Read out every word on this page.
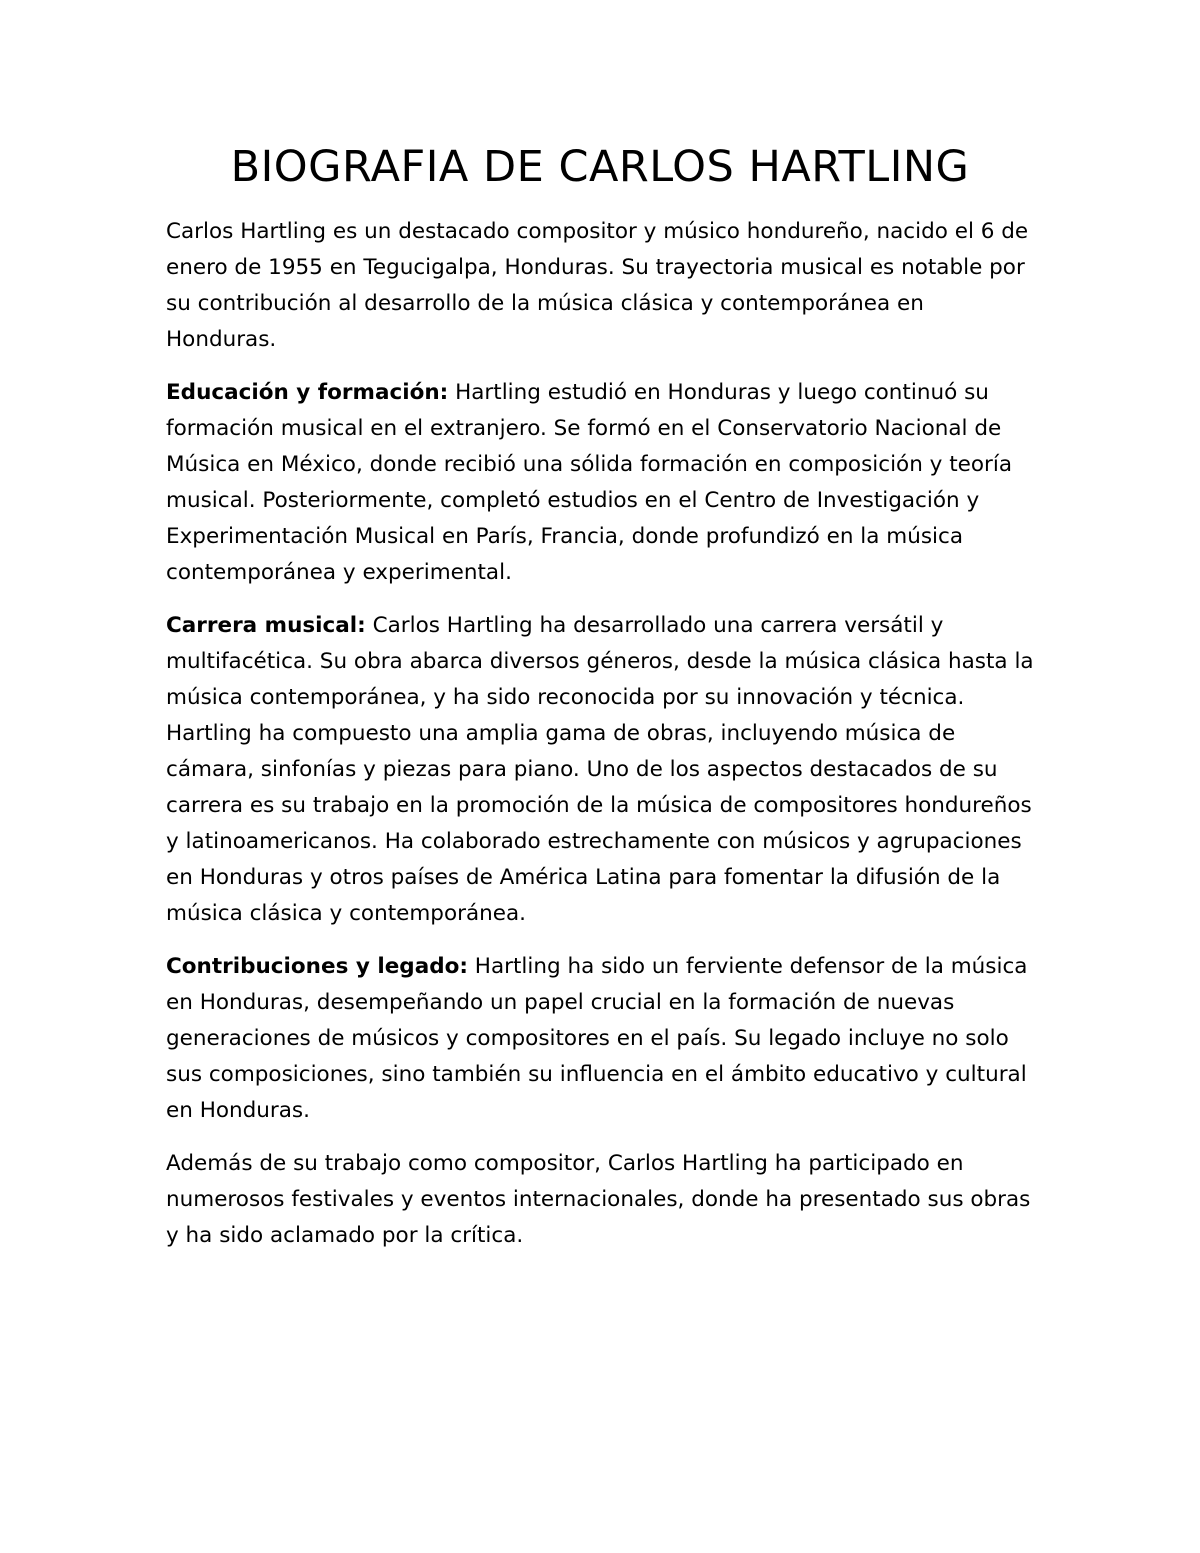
BIOGRAFIA DE CARLOS HARTLING

Carlos Hartling es un destacado compositor y músico hondureño, nacido el 6 de enero de 1955 en Tegucigalpa, Honduras. Su trayectoria musical es notable por su contribución al desarrollo de la música clásica y contemporánea en Honduras.

Educación y formación: Hartling estudió en Honduras y luego continuó su formación musical en el extranjero. Se formó en el Conservatorio Nacional de Música en México, donde recibió una sólida formación en composición y teoría musical. Posteriormente, completó estudios en el Centro de Investigación y Experimentación Musical en París, Francia, donde profundizó en la música contemporánea y experimental.

Carrera musical: Carlos Hartling ha desarrollado una carrera versátil y multifacética. Su obra abarca diversos géneros, desde la música clásica hasta la música contemporánea, y ha sido reconocida por su innovación y técnica. Hartling ha compuesto una amplia gama de obras, incluyendo música de cámara, sinfonías y piezas para piano. Uno de los aspectos destacados de su carrera es su trabajo en la promoción de la música de compositores hondureños y latinoamericanos. Ha colaborado estrechamente con músicos y agrupaciones en Honduras y otros países de América Latina para fomentar la difusión de la música clásica y contemporánea.

Contribuciones y legado: Hartling ha sido un ferviente defensor de la música en Honduras, desempeñando un papel crucial en la formación de nuevas generaciones de músicos y compositores en el país. Su legado incluye no solo sus composiciones, sino también su influencia en el ámbito educativo y cultural en Honduras.

Además de su trabajo como compositor, Carlos Hartling ha participado en numerosos festivales y eventos internacionales, donde ha presentado sus obras y ha sido aclamado por la crítica.
